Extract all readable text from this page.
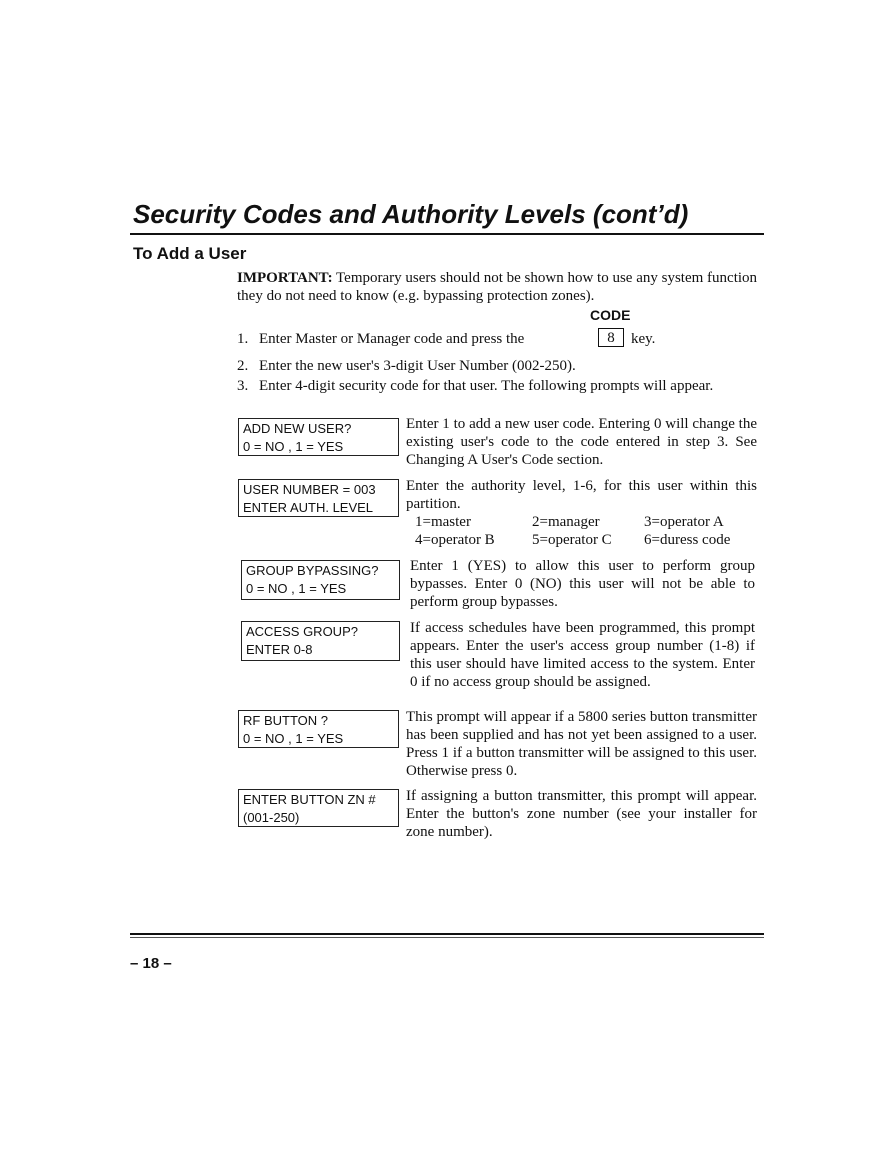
Security Codes and Authority Levels (cont’d)
To Add a User
IMPORTANT: Temporary users should not be shown how to use any system function they do not need to know (e.g. bypassing protection zones).
CODE
1. Enter Master or Manager code and press the	8	key.
2. Enter the new user's 3-digit User Number (002-250).
3. Enter 4-digit security code for that user. The following prompts will appear.
ADD NEW USER?
0 = NO , 1 = YES
Enter 1 to add a new user code. Entering 0 will change the existing user's code to the code entered in step 3. See Changing A User's Code section.
USER NUMBER = 003
ENTER AUTH. LEVEL
Enter the authority level, 1-6, for this user within this partition.
1=master	2=manager	3=operator A
4=operator B 5=operator C 6=duress code
GROUP BYPASSING?
0 = NO , 1 = YES
Enter 1 (YES) to allow this user to perform group bypasses. Enter 0 (NO) this user will not be able to perform group bypasses.
ACCESS GROUP?
ENTER 0-8
If access schedules have been programmed, this prompt appears. Enter the user's access group number (1-8) if this user should have limited access to the system. Enter 0 if no access group should be assigned.
RF BUTTON ?
0 = NO , 1 = YES
This prompt will appear if a 5800 series button transmitter has been supplied and has not yet been assigned to a user. Press 1 if a button transmitter will be assigned to this user. Otherwise press 0.
ENTER BUTTON ZN #
(001-250)
If assigning a button transmitter, this prompt will appear. Enter the button's zone number (see your installer for zone number).
– 18 –
